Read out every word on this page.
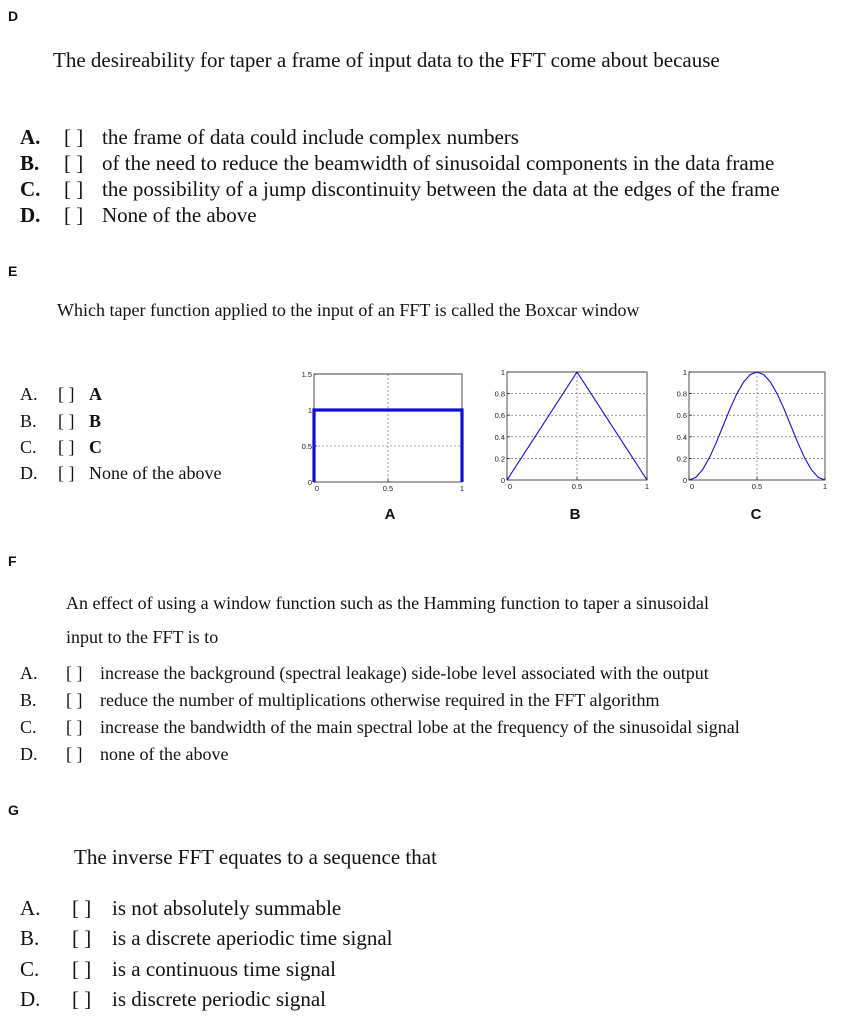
D
The desireability for taper a frame of input data to the FFT come about because
A. [ ] the frame of data could include complex numbers
B. [ ] of the need to reduce the beamwidth of sinusoidal components in the data frame
C. [ ] the possibility of a jump discontinuity between the data at the edges of the frame
D. [ ] None of the above
E
Which taper function applied to the input of an FFT is called the Boxcar window
A. [ ] A
B. [ ] B
C. [ ] C
D. [ ] None of the above	0
0.5
1
1.5
0	0.5	1
A
0
0.2
0.4
0.6
0.8
1
0	0.5	1
B
0
0.2
0.4
0.6
0.8
1
0	0.5	1
C
F
An effect of using a window function such as the Hamming function to taper a sinusoidal
input to the FFT is to
A. [ ] increase the background (spectral leakage) side-lobe level associated with the output
B. [ ] reduce the number of multiplications otherwise required in the FFT algorithm
C. [ ] increase the bandwidth of the main spectral lobe at the frequency of the sinusoidal signal
D. [ ] none of the above
G
The inverse FFT equates to a sequence that
A. [ ] is not absolutely summable
B. [ ] is a discrete aperiodic time signal
C. [ ] is a continuous time signal
D. [ ] is discrete periodic signal
